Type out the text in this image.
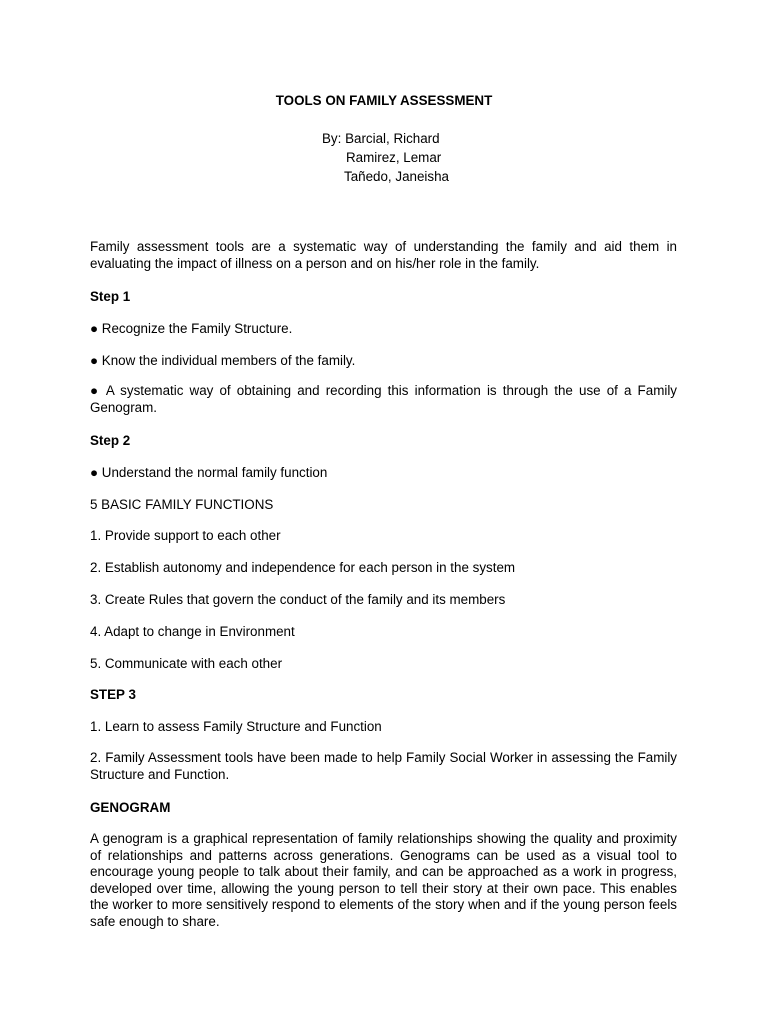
TOOLS ON FAMILY ASSESSMENT

By: Barcial, Richard

Ramirez, Lemar

Tañedo, Janeisha

Family assessment tools are a systematic way of understanding the family and aid them in evaluating the impact of illness on a person and on his/her role in the family.

Step 1

● Recognize the Family Structure.

● Know the individual members of the family.

● A systematic way of obtaining and recording this information is through the use of a Family Genogram.

Step 2

● Understand the normal family function

5 BASIC FAMILY FUNCTIONS

1. Provide support to each other

2. Establish autonomy and independence for each person in the system

3. Create Rules that govern the conduct of the family and its members

4. Adapt to change in Environment

5. Communicate with each other

STEP 3

1. Learn to assess Family Structure and Function

2. Family Assessment tools have been made to help Family Social Worker in assessing the Family Structure and Function.

GENOGRAM

A genogram is a graphical representation of family relationships showing the quality and proximity of relationships and patterns across generations. Genograms can be used as a visual tool to encourage young people to talk about their family, and can be approached as a work in progress, developed over time, allowing the young person to tell their story at their own pace. This enables the worker to more sensitively respond to elements of the story when and if the young person feels safe enough to share.
